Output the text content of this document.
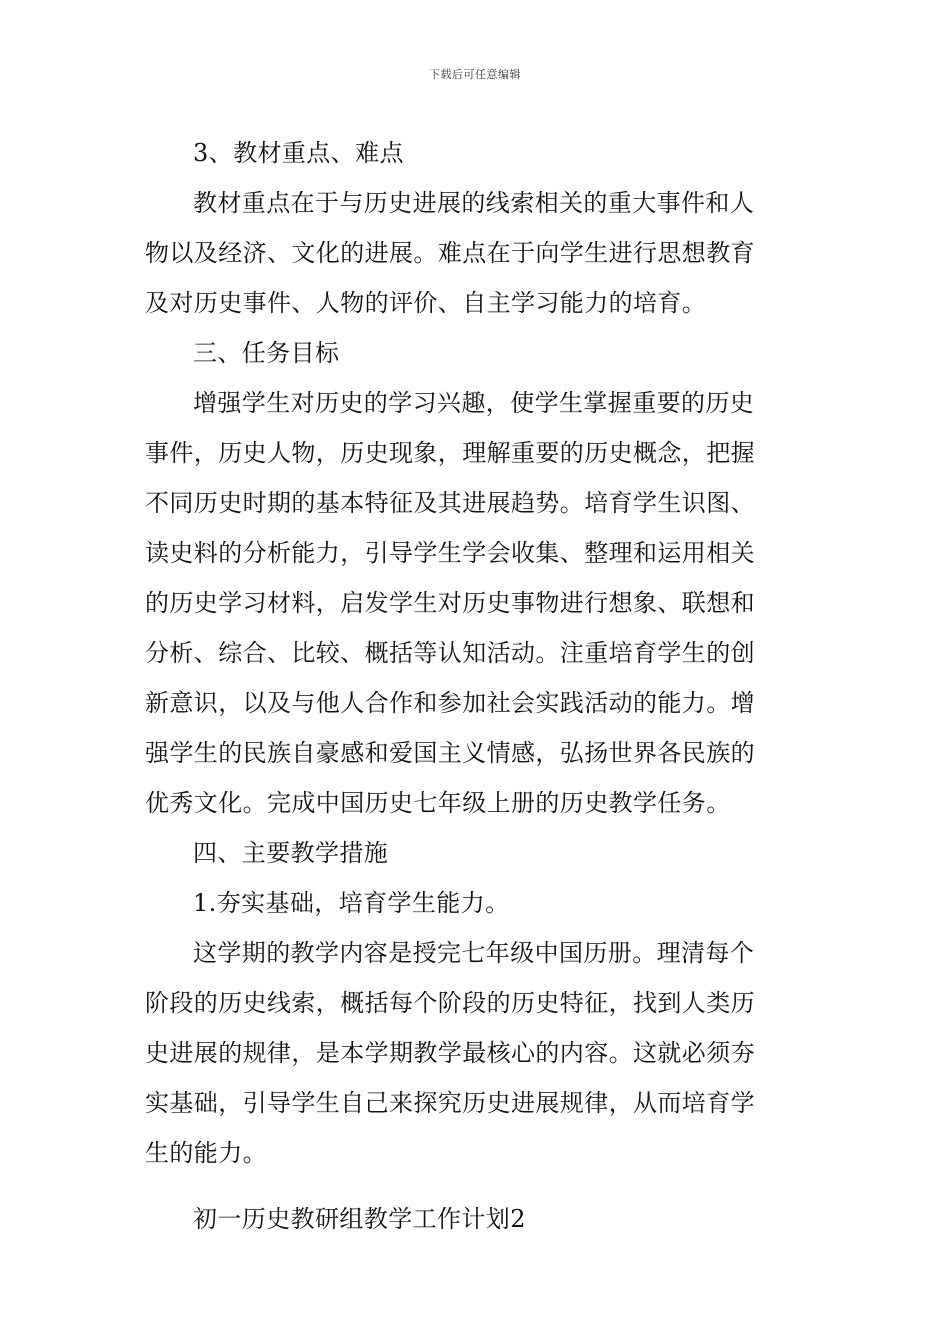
下载后可任意编辑
3、教材重点、难点
教材重点在于与历史进展的线索相关的重大事件和人
物以及经济、文化的进展。难点在于向学生进行思想教育
及对历史事件、人物的评价、自主学习能力的培育。
三、任务目标
增强学生对历史的学习兴趣，使学生掌握重要的历史
事件，历史人物，历史现象，理解重要的历史概念，把握
不同历史时期的基本特征及其进展趋势。培育学生识图、
读史料的分析能力，引导学生学会收集、整理和运用相关
的历史学习材料，启发学生对历史事物进行想象、联想和
分析、综合、比较、概括等认知活动。注重培育学生的创
新意识，以及与他人合作和参加社会实践活动的能力。增
强学生的民族自豪感和爱国主义情感，弘扬世界各民族的
优秀文化。完成中国历史七年级上册的历史教学任务。
四、主要教学措施
1.夯实基础，培育学生能力。
这学期的教学内容是授完七年级中国历册。理清每个
阶段的历史线索，概括每个阶段的历史特征，找到人类历
史进展的规律，是本学期教学最核心的内容。这就必须夯
实基础，引导学生自己来探究历史进展规律，从而培育学
生的能力。
初一历史教研组教学工作计划2
